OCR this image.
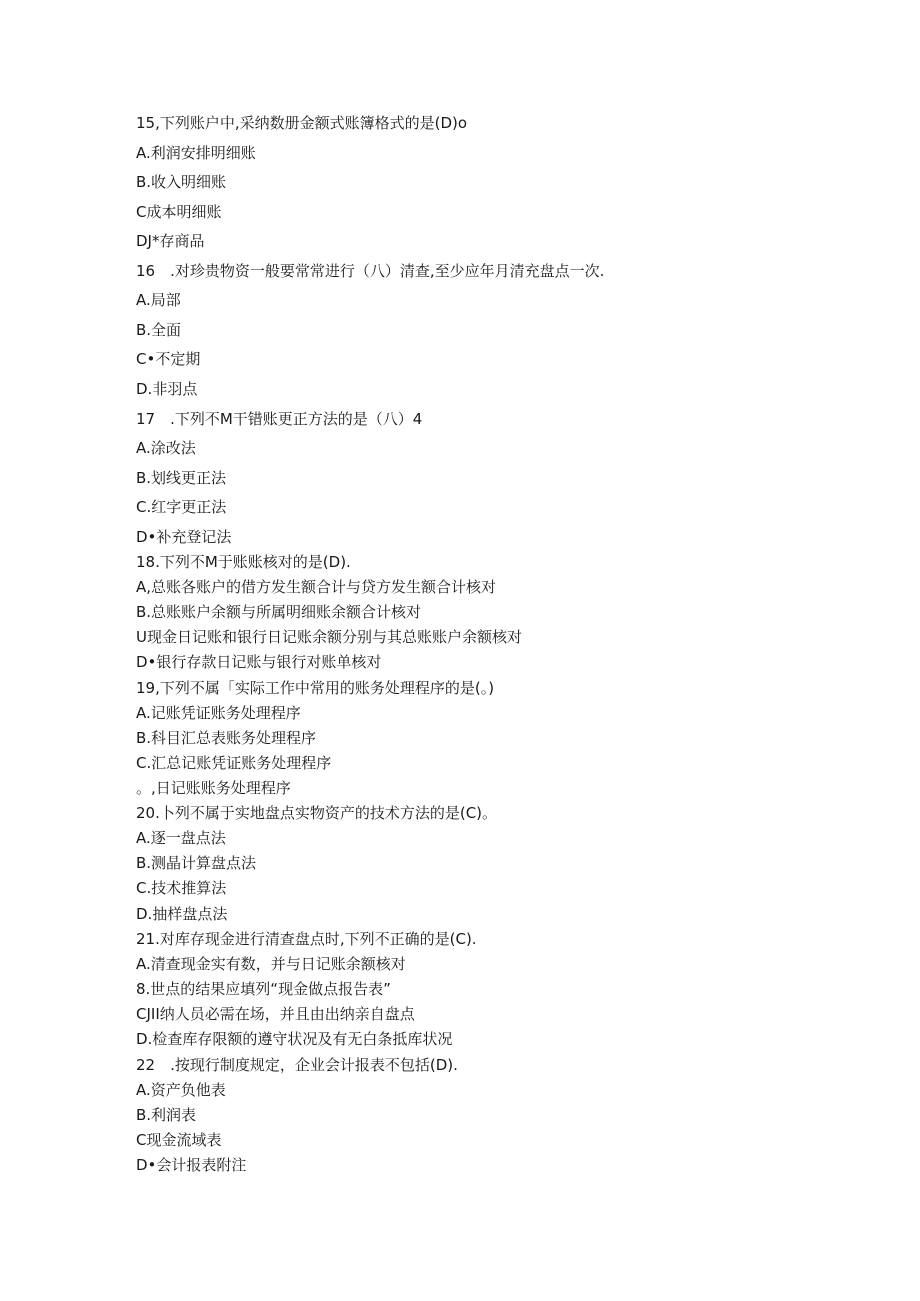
15,下列账户中,采纳数册金额式账簿格式的是(D)o
A.利润安排明细账
B.收入明细账
C成本明细账
DJ*存商品
16　.对珍贵物资一般要常常进行（八）清查,至少应年月清充盘点一次.
A.局部
B.全面
C•不定期
D.非羽点
17　.下列不M干错账更正方法的是（八）4
A.涂改法
B.划线更正法
C.红字更正法
D•补充登记法
18.下列不M于账账核对的是(D).
A,总账各账户的借方发生额合计与贷方发生额合计核对
B.总账账户余额与所属明细账余额合计核对
U现金日记账和银行日记账余额分别与其总账账户余额核对
D•银行存款日记账与银行对账单核对
19,下列不属「实际工作中常用的账务处理程序的是(。)
A.记账凭证账务处理程序
B.科目汇总表账务处理程序
C.汇总记账凭证账务处理程序
。,日记账账务处理程序
20.卜列不属于实地盘点实物资产的技术方法的是(C)。
A.逐一盘点法
B.测晶计算盘点法
C.技术推算法
D.抽样盘点法
21.对库存现金进行清查盘点时,下列不正确的是(C).
A.清查现金实有数，并与日记账余额核对
8.世点的结果应填列“现金做点报告表”
CJII纳人员必需在场，并且由出纳亲自盘点
D.检查库存限额的遵守状况及有无白条抵库状况
22　.按现行制度规定，企业会计报表不包括(D).
A.资产负他表
B.利润表
C现金流域表
D•会计报表附注
